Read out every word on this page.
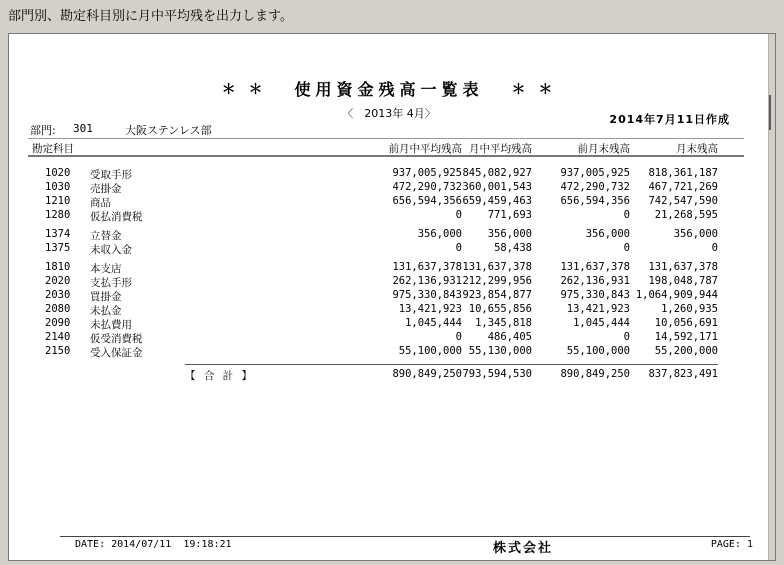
部門別、勘定科目別に月中平均残を出力します。
＊ ＊ 使用資金残高一覧表 ＊ ＊
〈　2013年 4月〉	2014年7月11日作成
部門: 301	大阪ステンレス部
勘定科目	前月中平均残高 月中平均残高	前月末残高	月末残高
1020 受取手形	937,005,925 845,082,927	937,005,925	818,361,187
1030 売掛金	472,290,732 360,001,543	472,290,732	467,721,269
1210 商品	656,594,356 659,459,463	656,594,356	742,547,590
1280 仮払消費税	0	771,693	0	21,268,595
1374 立替金	356,000	356,000	356,000	356,000
1375 未収入金	0	58,438	0	0
1810 本支店	131,637,378 131,637,378	131,637,378	131,637,378
2020 支払手形	262,136,931 212,299,956	262,136,931	198,048,787
2030 買掛金	975,330,843 923,854,877	975,330,843 1,064,909,944
2080 未払金	13,421,923 10,655,856	13,421,923	1,260,935
2090 未払費用	1,045,444	1,345,818	1,045,444	10,056,691
2140 仮受消費税	0	486,405	0	14,592,171
2150 受入保証金	55,100,000 55,130,000	55,100,000	55,200,000
【 合 計 】	890,849,250 793,594,530	890,849,250	837,823,491
DATE: 2014/07/11  19:18:21	株式会社	PAGE: 1
